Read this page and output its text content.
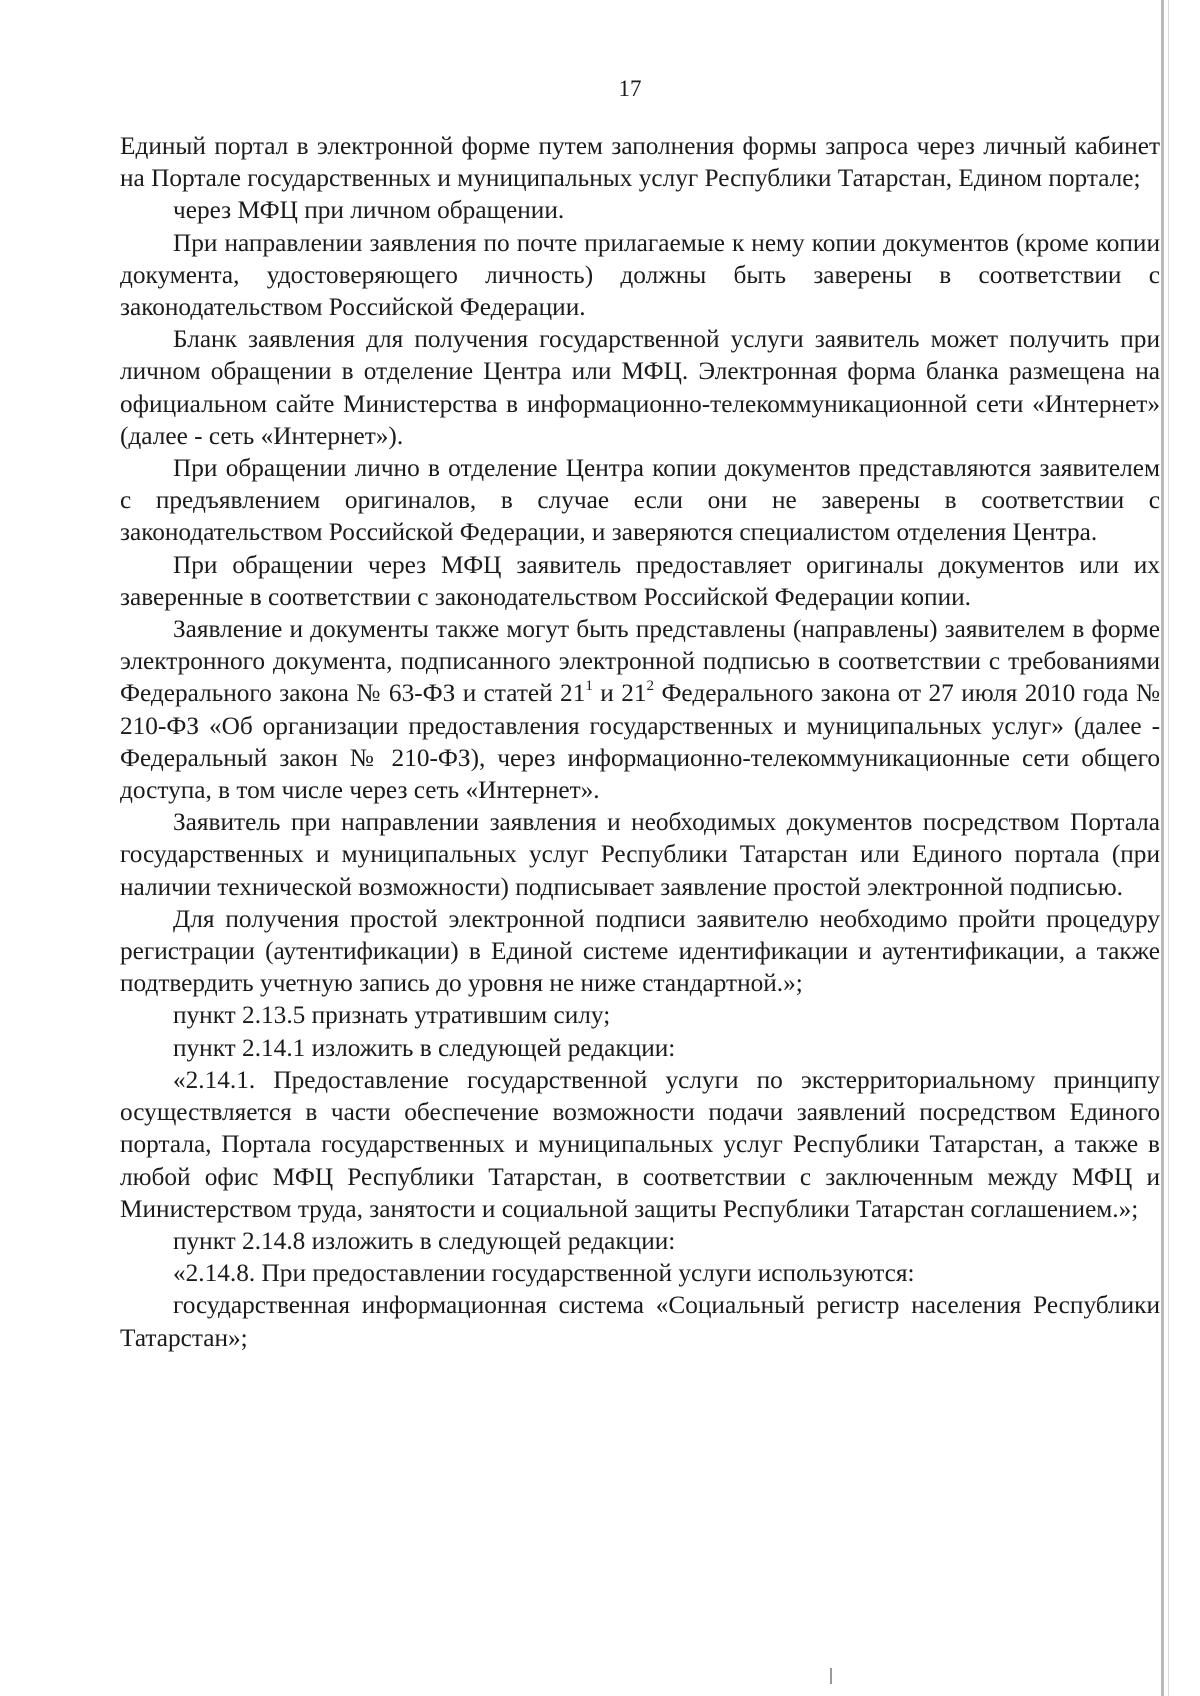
17

Единый портал в электронной форме путем заполнения формы запроса через личный кабинет на Портале государственных и муниципальных услуг Республики Татарстан, Едином портале;

через МФЦ при личном обращении.

При направлении заявления по почте прилагаемые к нему копии документов (кроме копии документа, удостоверяющего личность) должны быть заверены в соответствии с законодательством Российской Федерации.

Бланк заявления для получения государственной услуги заявитель может получить при личном обращении в отделение Центра или МФЦ. Электронная форма бланка размещена на официальном сайте Министерства в информационно-телекоммуникационной сети «Интернет» (далее - сеть «Интернет»).

При обращении лично в отделение Центра копии документов представляются заявителем с предъявлением оригиналов, в случае если они не заверены в соответствии с законодательством Российской Федерации, и заверяются специалистом отделения Центра.

При обращении через МФЦ заявитель предоставляет оригиналы документов или их заверенные в соответствии с законодательством Российской Федерации копии.

Заявление и документы также могут быть представлены (направлены) заявителем в форме электронного документа, подписанного электронной подписью в соответствии с требованиями Федерального закона № 63-ФЗ и статей $21^1$ и $21^2$ Федерального закона от 27 июля 2010 года № 210-ФЗ «Об организации предоставления государственных и муниципальных услуг» (далее - Федеральный закон № 210-ФЗ), через информационно-телекоммуникационные сети общего доступа, в том числе через сеть «Интернет».

Заявитель при направлении заявления и необходимых документов посредством Портала государственных и муниципальных услуг Республики Татарстан или Единого портала (при наличии технической возможности) подписывает заявление простой электронной подписью.

Для получения простой электронной подписи заявителю необходимо пройти процедуру регистрации (аутентификации) в Единой системе идентификации и аутентификации, а также подтвердить учетную запись до уровня не ниже стандартной.»;

пункт 2.13.5 признать утратившим силу;

пункт 2.14.1 изложить в следующей редакции:

«2.14.1. Предоставление государственной услуги по экстерриториальному принципу осуществляется в части обеспечение возможности подачи заявлений посредством Единого портала, Портала государственных и муниципальных услуг Республики Татарстан, а также в любой офис МФЦ Республики Татарстан, в соответствии с заключенным между МФЦ и Министерством труда, занятости и социальной защиты Республики Татарстан соглашением.»;

пункт 2.14.8 изложить в следующей редакции:

«2.14.8. При предоставлении государственной услуги используются:

государственная информационная система «Социальный регистр населения Республики Татарстан»;
